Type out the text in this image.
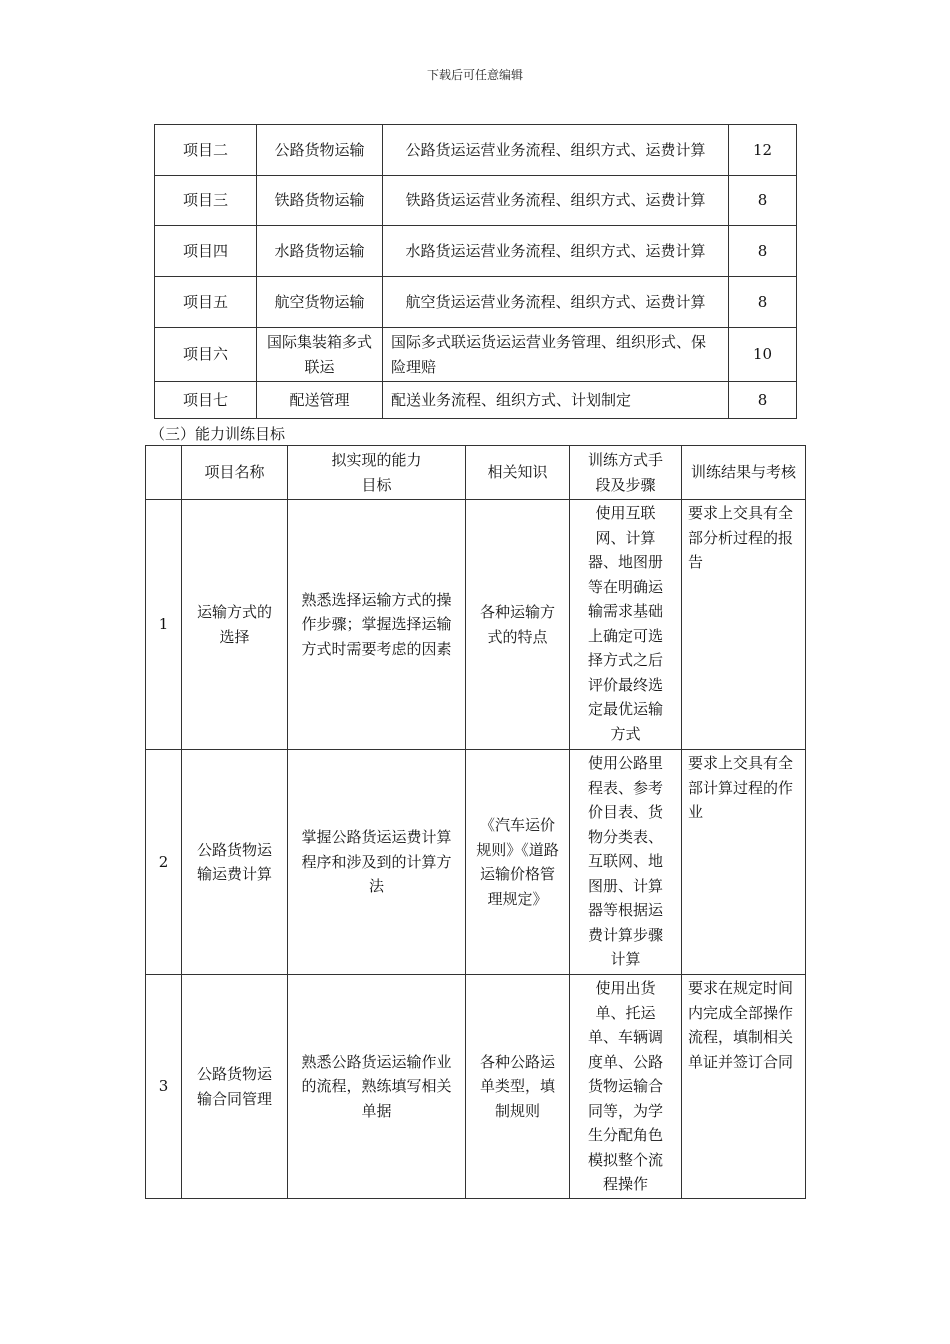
下载后可任意编辑
项目二	公路货物运输	公路货运运营业务流程、组织方式、运费计算	12
项目三	铁路货物运输	铁路货运运营业务流程、组织方式、运费计算	8
项目四	水路货物运输	水路货运运营业务流程、组织方式、运费计算	8
项目五	航空货物运输	航空货运运营业务流程、组织方式、运费计算	8
项目六	国际集装箱多式联运	国际多式联运货运运营业务管理、组织形式、保险理赔	10
项目七	配送管理	配送业务流程、组织方式、计划制定	8
（三）能力训练目标
	项目名称	拟实现的能力目标	相关知识	训练方式手段及步骤	训练结果与考核
1	运输方式的选择	熟悉选择运输方式的操作步骤；掌握选择运输方式时需要考虑的因素	各种运输方式的特点	使用互联网、计算器、地图册等在明确运输需求基础上确定可选择方式之后评价最终选定最优运输方式	要求上交具有全部分析过程的报告
2	公路货物运输运费计算	掌握公路货运运费计算程序和涉及到的计算方法	《汽车运价规则》《道路运输价格管理规定》	使用公路里程表、参考价目表、货物分类表、互联网、地图册、计算器等根据运费计算步骤计算	要求上交具有全部计算过程的作业
3	公路货物运输合同管理	熟悉公路货运运输作业的流程，熟练填写相关单据	各种公路运单类型，填制规则	使用出货单、托运单、车辆调度单、公路货物运输合同等，为学生分配角色模拟整个流程操作	要求在规定时间内完成全部操作流程，填制相关单证并签订合同
